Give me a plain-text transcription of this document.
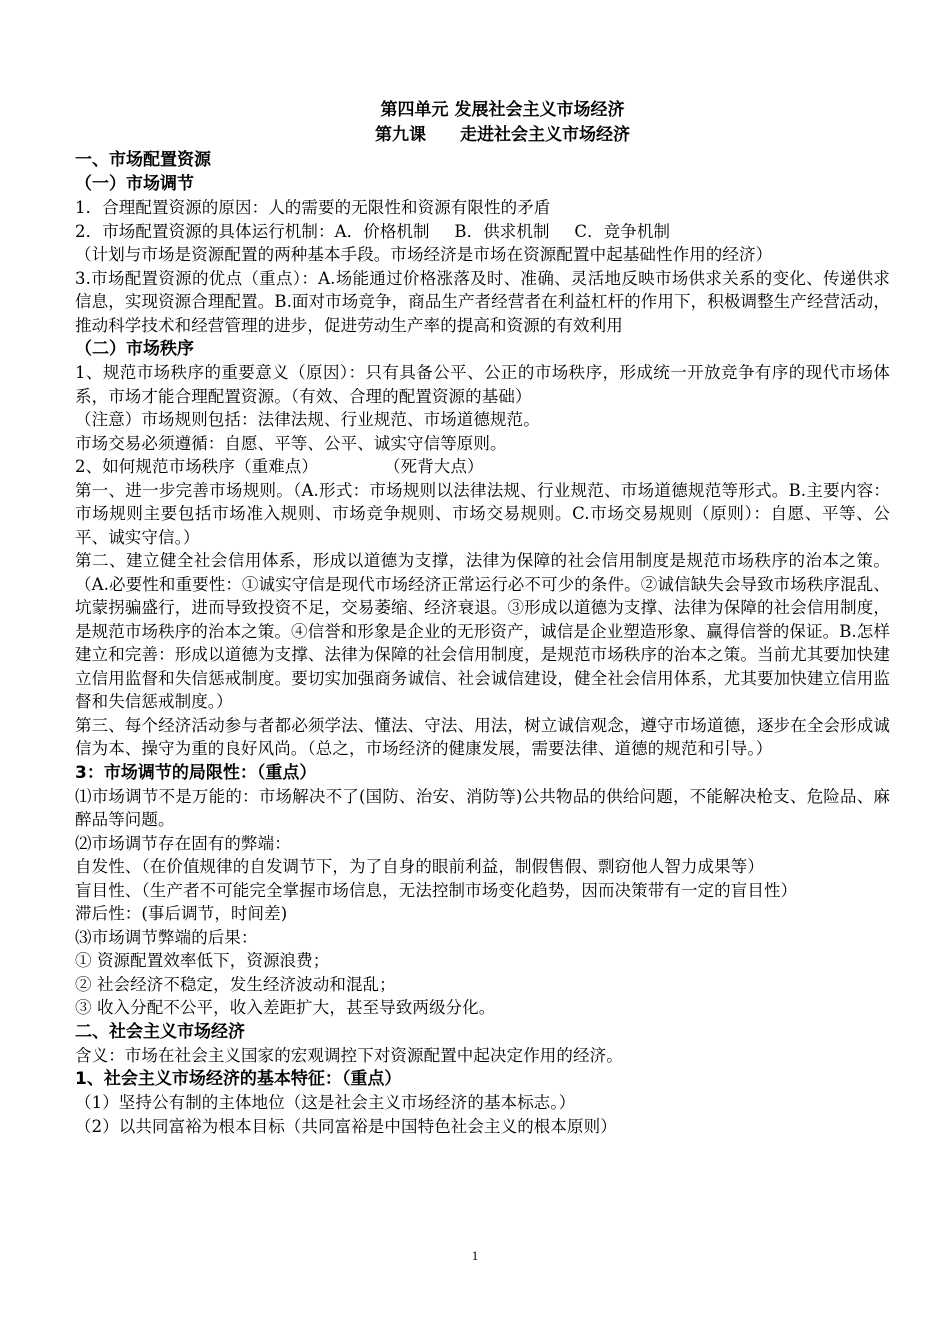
第四单元 发展社会主义市场经济
第九课 走进社会主义市场经济
一、市场配置资源
（一）市场调节

1．合理配置资源的原因：人的需要的无限性和资源有限性的矛盾

2．市场配置资源的具体运行机制：A．价格机制 B．供求机制 C．竞争机制

（计划与市场是资源配置的两种基本手段。市场经济是市场在资源配置中起基础性作用的经济）

3.市场配置资源的优点（重点）：A.场能通过价格涨落及时、准确、灵活地反映市场供求关系的变化、传递供求信息，实现资源合理配置。B.面对市场竞争，商品生产者经营者在利益杠杆的作用下，积极调整生产经营活动，推动科学技术和经营管理的进步，促进劳动生产率的提高和资源的有效利用

（二）市场秩序

1、规范市场秩序的重要意义（原因）：只有具备公平、公正的市场秩序，形成统一开放竞争有序的现代市场体系，市场才能合理配置资源。（有效、合理的配置资源的基础）

（注意）市场规则包括：法律法规、行业规范、市场道德规范。

市场交易必须遵循：自愿、平等、公平、诚实守信等原则。

2、如何规范市场秩序（重难点）	（死背大点）

第一、进一步完善市场规则。（A.形式：市场规则以法律法规、行业规范、市场道德规范等形式。B.主要内容：市场规则主要包括市场准入规则、市场竞争规则、市场交易规则。C.市场交易规则（原则）：自愿、平等、公平、诚实守信。）

第二、建立健全社会信用体系，形成以道德为支撑，法律为保障的社会信用制度是规范市场秩序的治本之策。（A.必要性和重要性：①诚实守信是现代市场经济正常运行必不可少的条件。②诚信缺失会导致市场秩序混乱、坑蒙拐骗盛行，进而导致投资不足，交易萎缩、经济衰退。③形成以道德为支撑、法律为保障的社会信用制度，是规范市场秩序的治本之策。④信誉和形象是企业的无形资产，诚信是企业塑造形象、赢得信誉的保证。B.怎样建立和完善：形成以道德为支撑、法律为保障的社会信用制度，是规范市场秩序的治本之策。当前尤其要加快建立信用监督和失信惩戒制度。要切实加强商务诚信、社会诚信建设，健全社会信用体系，尤其要加快建立信用监督和失信惩戒制度。）

第三、每个经济活动参与者都必须学法、懂法、守法、用法，树立诚信观念，遵守市场道德，逐步在全会形成诚信为本、操守为重的良好风尚。（总之，市场经济的健康发展，需要法律、道德的规范和引导。）

3：市场调节的局限性：（重点）

⑴市场调节不是万能的：市场解决不了(国防、治安、消防等)公共物品的供给问题，不能解决枪支、危险品、麻醉品等问题。

⑵市场调节存在固有的弊端：

自发性、（在价值规律的自发调节下，为了自身的眼前利益，制假售假、剽窃他人智力成果等）

盲目性、（生产者不可能完全掌握市场信息，无法控制市场变化趋势，因而决策带有一定的盲目性）

滞后性：(事后调节，时间差)

⑶市场调节弊端的后果：

① 资源配置效率低下，资源浪费；

② 社会经济不稳定，发生经济波动和混乱；

③ 收入分配不公平，收入差距扩大，甚至导致两级分化。

二、社会主义市场经济

含义：市场在社会主义国家的宏观调控下对资源配置中起决定作用的经济。

1、社会主义市场经济的基本特征：（重点）

（1）坚持公有制的主体地位（这是社会主义市场经济的基本标志。）

（2）以共同富裕为根本目标（共同富裕是中国特色社会主义的根本原则）

1
